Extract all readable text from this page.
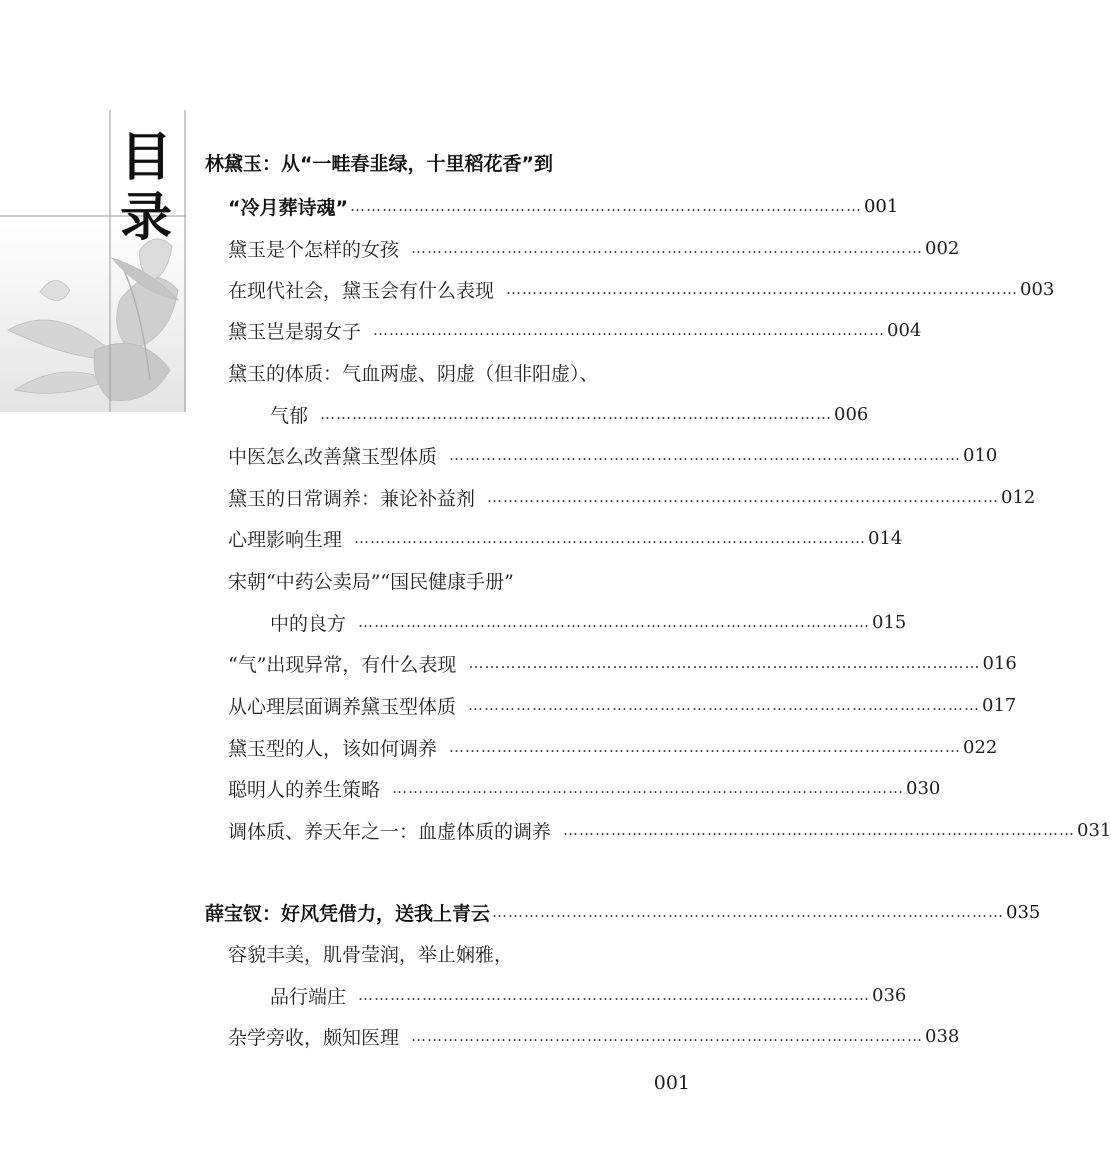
目
录
林黛玉：从“一畦春韭绿，十里稻花香”到
“冷月葬诗魂” …………………………………………………………………………………… 001
黛玉是个怎样的女孩 …………………………………………………………………………………… 002
在现代社会，黛玉会有什么表现 …………………………………………………………………………………… 003
黛玉岂是弱女子 …………………………………………………………………………………… 004
黛玉的体质：气血两虚、阴虚（但非阳虚）、
气郁 …………………………………………………………………………………… 006
中医怎么改善黛玉型体质 …………………………………………………………………………………… 010
黛玉的日常调养：兼论补益剂 …………………………………………………………………………………… 012
心理影响生理 …………………………………………………………………………………… 014
宋朝“中药公卖局”“国民健康手册”
中的良方 …………………………………………………………………………………… 015
“气”出现异常，有什么表现 …………………………………………………………………………………… 016
从心理层面调养黛玉型体质 …………………………………………………………………………………… 017
黛玉型的人，该如何调养 …………………………………………………………………………………… 022
聪明人的养生策略 …………………………………………………………………………………… 030
调体质、养天年之一：血虚体质的调养 …………………………………………………………………………………… 031
薛宝钗：好风凭借力，送我上青云 …………………………………………………………………………………… 035
容貌丰美，肌骨莹润，举止娴雅，
品行端庄 …………………………………………………………………………………… 036
杂学旁收，颇知医理 …………………………………………………………………………………… 038
001
